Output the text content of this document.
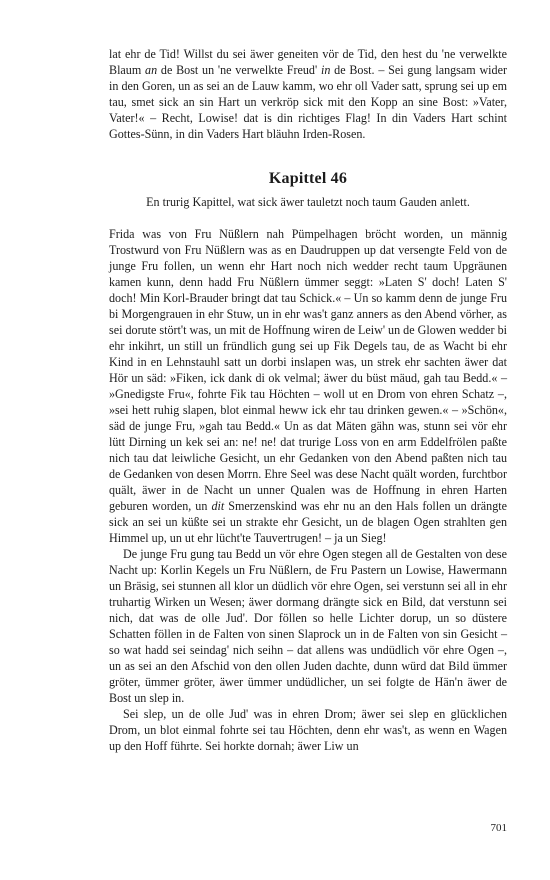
lat ehr de Tid! Willst du sei äwer geneiten vör de Tid, den hest du 'ne verwelkte Blaum an de Bost un 'ne verwelkte Freud' in de Bost. – Sei gung langsam wider in den Goren, un as sei an de Lauw kamm, wo ehr oll Vader satt, sprung sei up em tau, smet sick an sin Hart un verkröp sick mit den Kopp an sine Bost: »Vater, Vater!« – Recht, Lowise! dat is din richtiges Flag! In din Vaders Hart schint Gottes-Sünn, in din Vaders Hart bläuhn Irden-Rosen.

Kapittel 46

En trurig Kapittel, wat sick äwer tauletzt noch taum Gauden anlett.

Frida was von Fru Nüßlern nah Pümpelhagen bröcht worden, un männig Trostwurd von Fru Nüßlern was as en Daudruppen up dat versengte Feld von de junge Fru follen, un wenn ehr Hart noch nich wedder recht taum Upgräunen kamen kunn, denn hadd Fru Nüßlern ümmer seggt: »Laten S' doch! Laten S' doch! Min Korl-Brauder bringt dat tau Schick.« – Un so kamm denn de junge Fru bi Morgengrauen in ehr Stuw, un in ehr was't ganz anners as den Abend vörher, as sei dorute stört't was, un mit de Hoffnung wiren de Leiw' un de Glowen wedder bi ehr inkihrt, un still un fründlich gung sei up Fik Degels tau, de as Wacht bi ehr Kind in en Lehnstauhl satt un dorbi inslapen was, un strek ehr sachten äwer dat Hör un säd: »Fiken, ick dank di ok velmal; äwer du büst mäud, gah tau Bedd.« – »Gnedigste Fru«, fohrte Fik tau Höchten – woll ut en Drom von ehren Schatz –, »sei hett ruhig slapen, blot einmal heww ick ehr tau drinken gewen.« – »Schön«, säd de junge Fru, »gah tau Bedd.« Un as dat Mäten gähn was, stunn sei vör ehr lütt Dirning un kek sei an: ne! ne! dat trurige Loss von en arm Eddelfrölen paßte nich tau dat leiwliche Gesicht, un ehr Gedanken von den Abend paßten nich tau de Gedanken von desen Morrn. Ehre Seel was dese Nacht quält worden, furchtbor quält, äwer in de Nacht un unner Qualen was de Hoffnung in ehren Harten geburen worden, un dit Smerzenskind was ehr nu an den Hals follen un drängte sick an sei un küßte sei un strakte ehr Gesicht, un de blagen Ogen strahlten gen Himmel up, un ut ehr lücht'te Tauvertrugen! – ja un Sieg!

De junge Fru gung tau Bedd un vör ehre Ogen stegen all de Gestalten von dese Nacht up: Korlin Kegels un Fru Nüßlern, de Fru Pastern un Lowise, Hawermann un Bräsig, sei stunnen all klor un düdlich vör ehre Ogen, sei verstunn sei all in ehr truhartig Wirken un Wesen; äwer dormang drängte sick en Bild, dat verstunn sei nich, dat was de olle Jud'. Dor föllen so helle Lichter dorup, un so düstere Schatten föllen in de Falten von sinen Slaprock un in de Falten von sin Gesicht – so wat hadd sei seindag' nich seihn – dat allens was undüdlich vör ehre Ogen –, un as sei an den Afschid von den ollen Juden dachte, dunn würd dat Bild ümmer gröter, ümmer gröter, äwer ümmer undüdlicher, un sei folgte de Hän'n äwer de Bost un slep in.

Sei slep, un de olle Jud' was in ehren Drom; äwer sei slep en glücklichen Drom, un blot einmal fohrte sei tau Höchten, denn ehr was't, as wenn en Wagen up den Hoff führte. Sei horkte dornah; äwer Liw un

701
